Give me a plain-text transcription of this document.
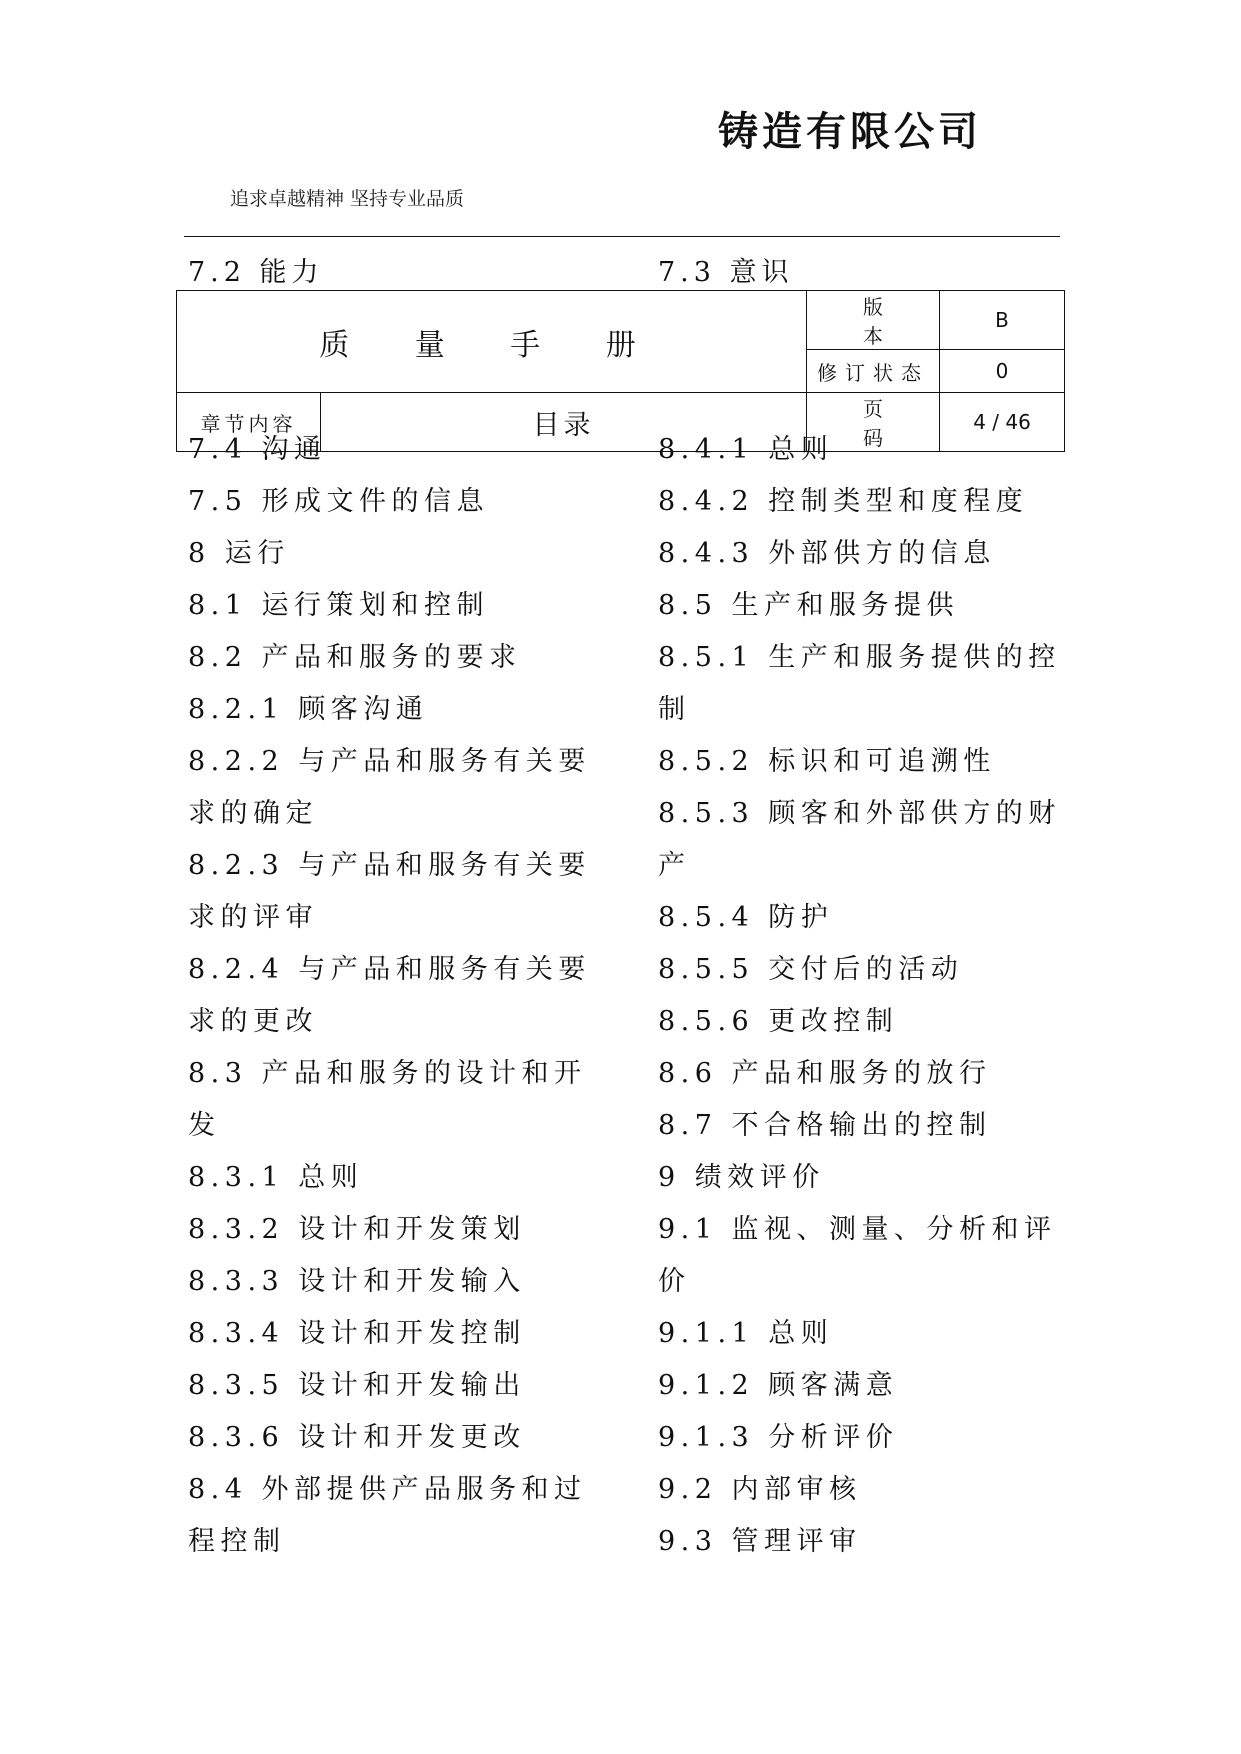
铸造有限公司
追求卓越精神 坚持专业品质
7.2 能力	7.3 意识
质 量 手 册		版 本	B
		修订状态	0
章节内容	目录	页 码	4 / 46
7.4 沟通
7.5 形成文件的信息
8 运行
8.1 运行策划和控制
8.2 产品和服务的要求
8.2.1 顾客沟通
8.2.2 与产品和服务有关要
求的确定
8.2.3 与产品和服务有关要
求的评审
8.2.4 与产品和服务有关要
求的更改
8.3 产品和服务的设计和开
发
8.3.1 总则
8.3.2 设计和开发策划
8.3.3 设计和开发输入
8.3.4 设计和开发控制
8.3.5 设计和开发输出
8.3.6 设计和开发更改
8.4 外部提供产品服务和过
程控制
8.4.1 总则
8.4.2 控制类型和度程度
8.4.3 外部供方的信息
8.5 生产和服务提供
8.5.1 生产和服务提供的控
制
8.5.2 标识和可追溯性
8.5.3 顾客和外部供方的财
产
8.5.4 防护
8.5.5 交付后的活动
8.5.6 更改控制
8.6 产品和服务的放行
8.7 不合格输出的控制
9 绩效评价
9.1 监视、测量、分析和评
价
9.1.1 总则
9.1.2 顾客满意
9.1.3 分析评价
9.2 内部审核
9.3 管理评审
